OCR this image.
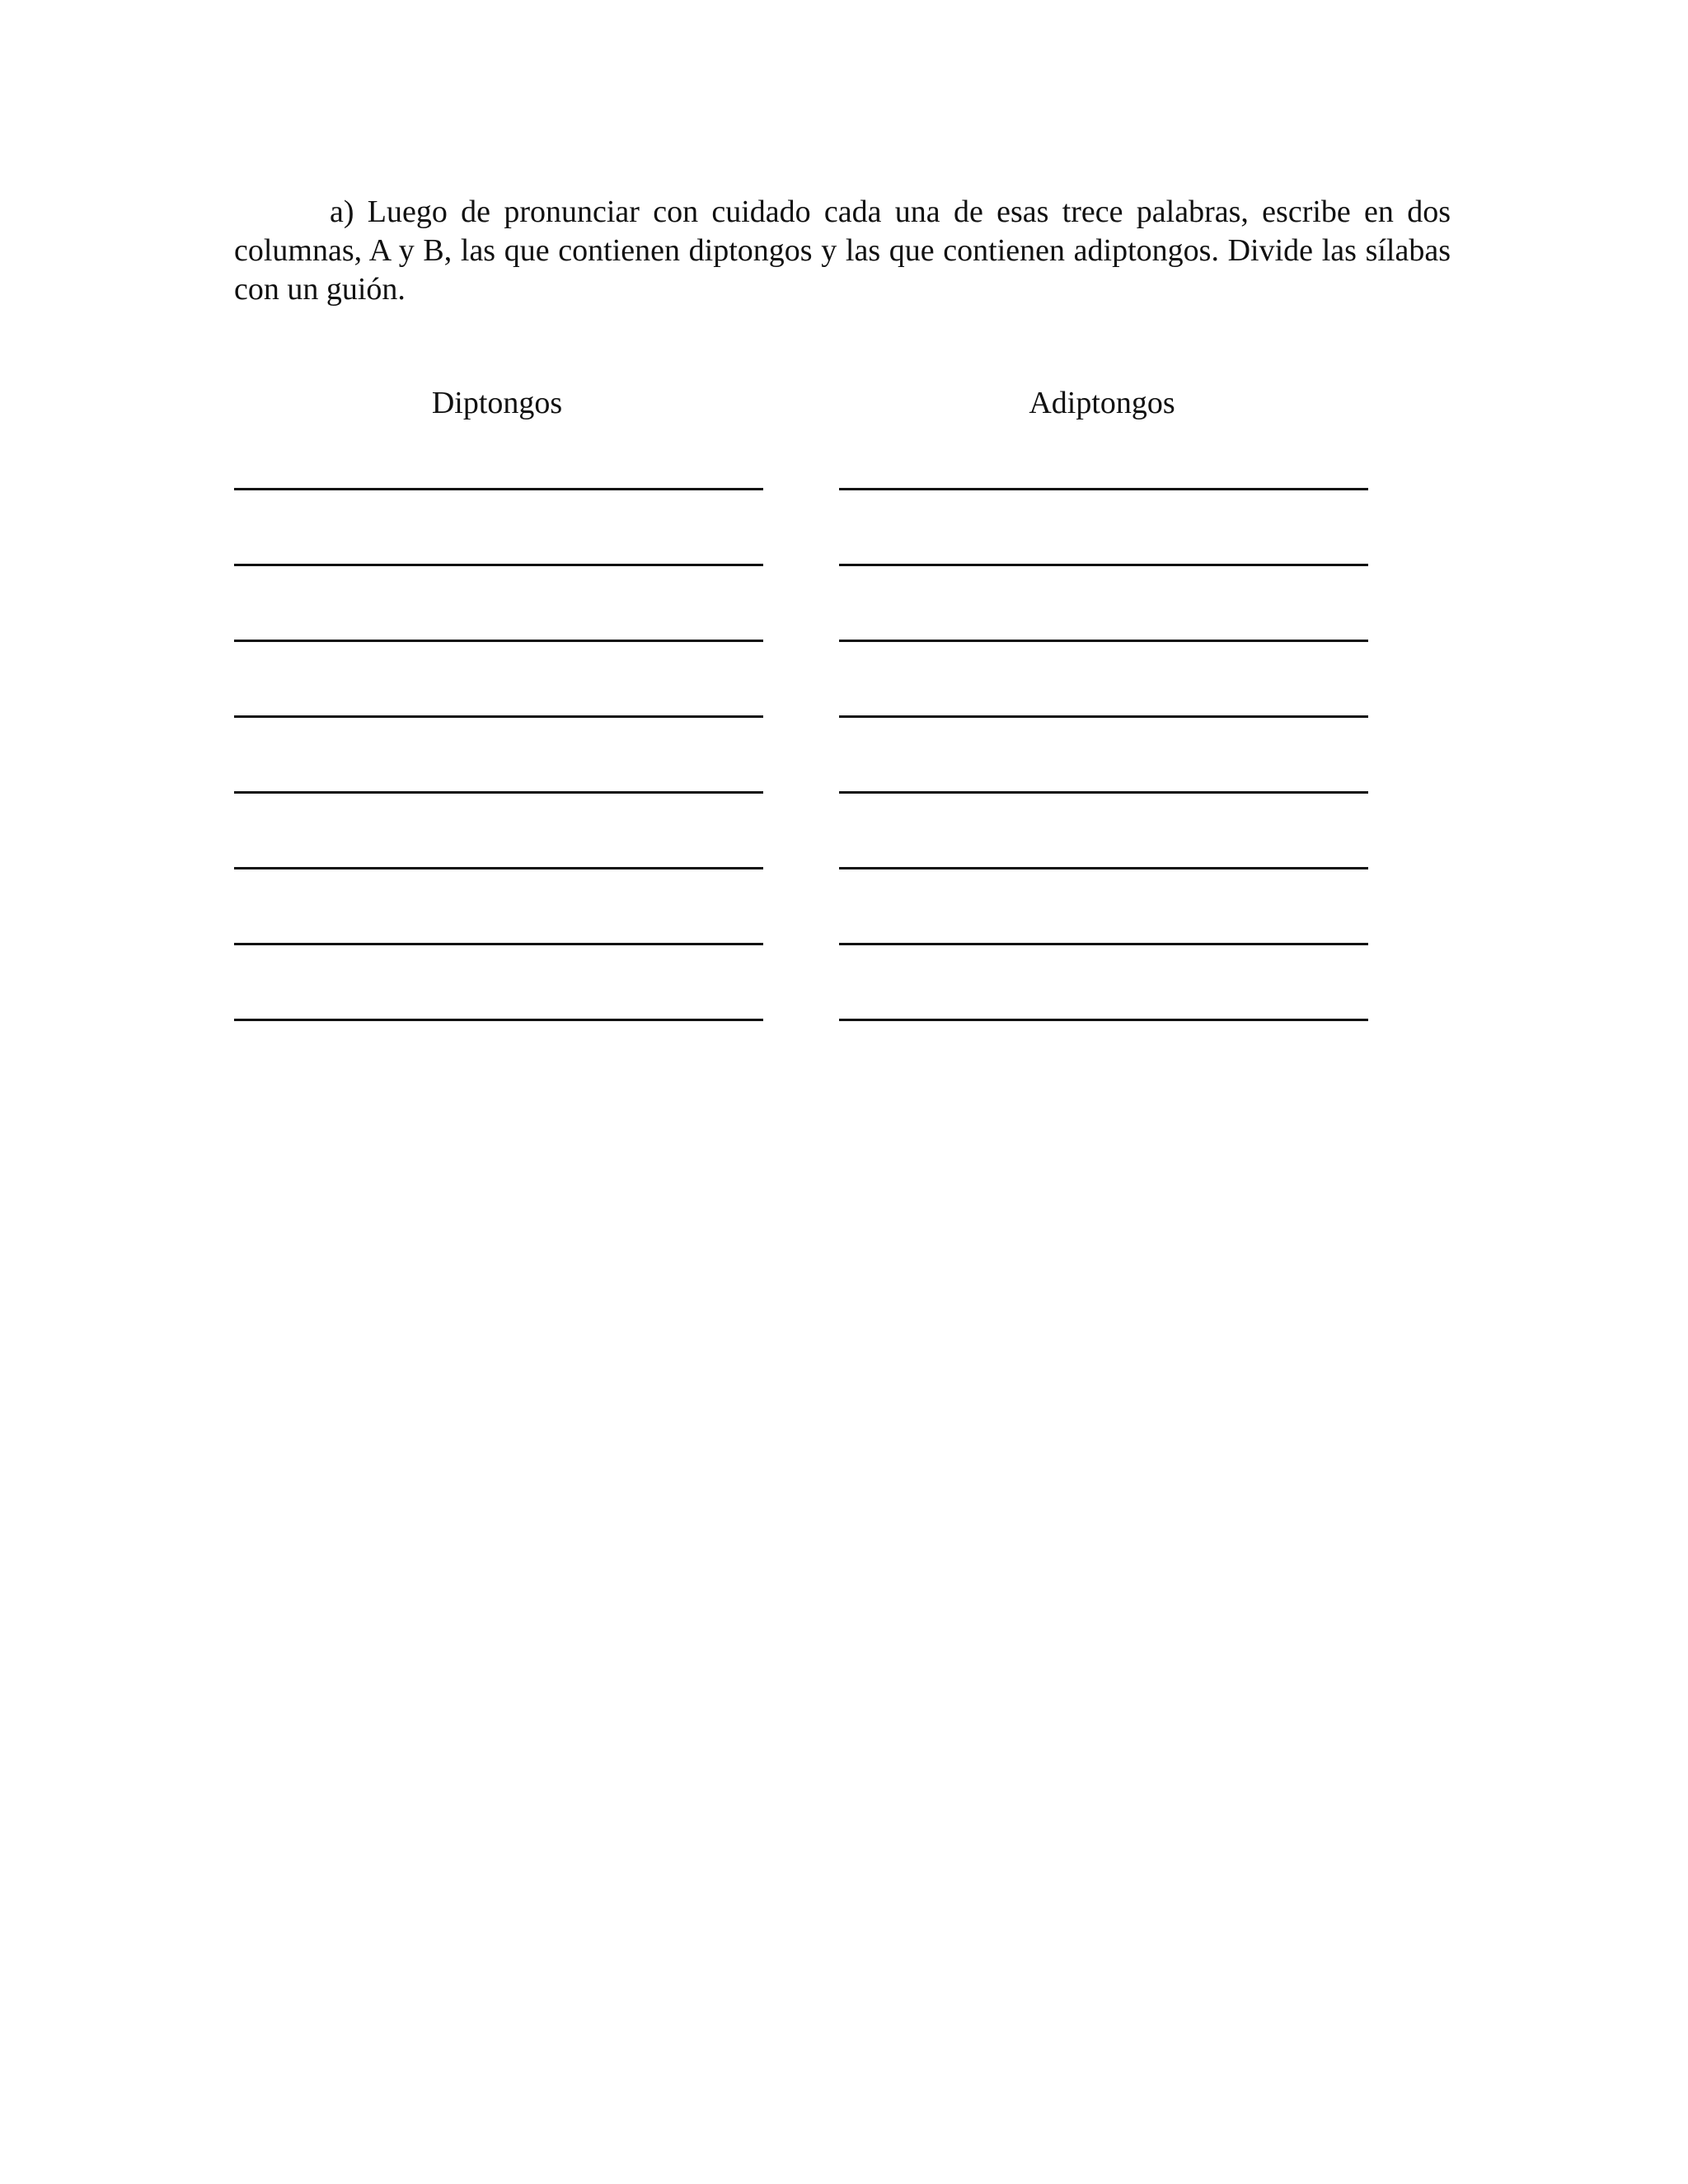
a) Luego de pronunciar con cuidado cada una de esas trece palabras, escribe en dos columnas, A y B, las que contienen diptongos y las que contienen adiptongos. Divide las sílabas con un guión.

Diptongos	Adiptongos
